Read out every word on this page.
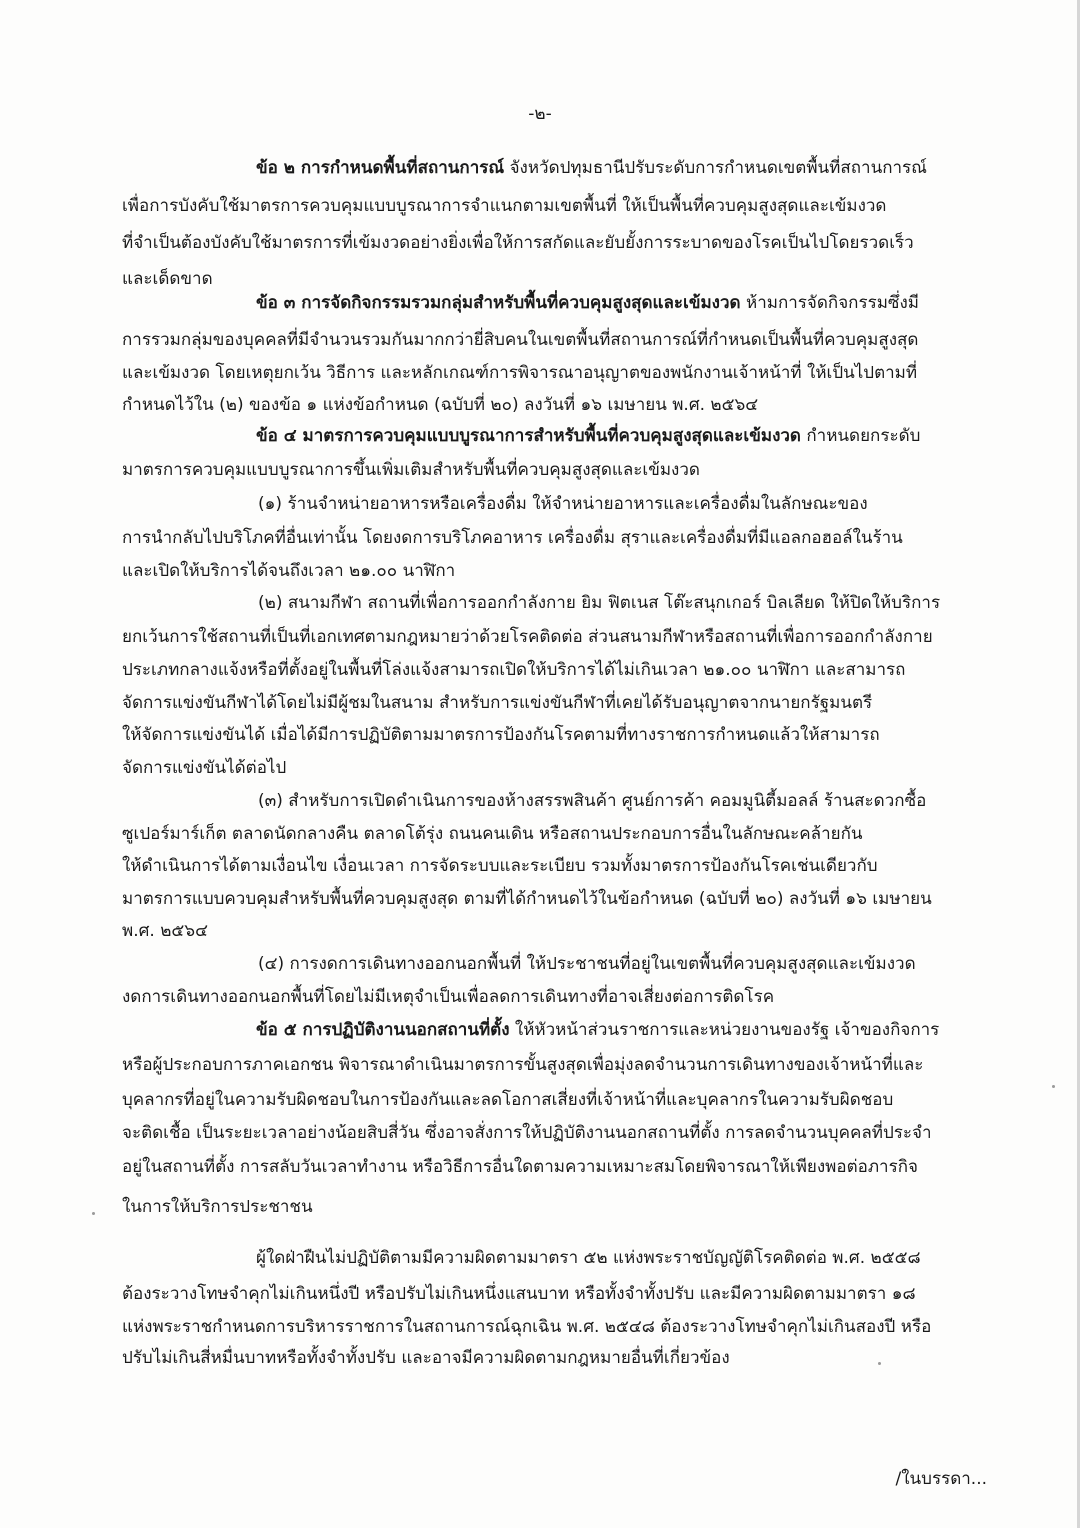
-๒-
ข้อ ๒ การกำหนดพื้นที่สถานการณ์ จังหวัดปทุมธานีปรับระดับการกำหนดเขตพื้นที่สถานการณ์
เพื่อการบังคับใช้มาตรการควบคุมแบบบูรณาการจำแนกตามเขตพื้นที่ ให้เป็นพื้นที่ควบคุมสูงสุดและเข้มงวด
ที่จำเป็นต้องบังคับใช้มาตรการที่เข้มงวดอย่างยิ่งเพื่อให้การสกัดและยับยั้งการระบาดของโรคเป็นไปโดยรวดเร็ว
และเด็ดขาด
ข้อ ๓ การจัดกิจกรรมรวมกลุ่มสำหรับพื้นที่ควบคุมสูงสุดและเข้มงวด ห้ามการจัดกิจกรรมซึ่งมี
การรวมกลุ่มของบุคคลที่มีจำนวนรวมกันมากกว่ายี่สิบคนในเขตพื้นที่สถานการณ์ที่กำหนดเป็นพื้นที่ควบคุมสูงสุด
และเข้มงวด โดยเหตุยกเว้น วิธีการ และหลักเกณฑ์การพิจารณาอนุญาตของพนักงานเจ้าหน้าที่ ให้เป็นไปตามที่
กำหนดไว้ใน (๒) ของข้อ ๑ แห่งข้อกำหนด (ฉบับที่ ๒๐) ลงวันที่ ๑๖ เมษายน พ.ศ. ๒๕๖๔
ข้อ ๔ มาตรการควบคุมแบบบูรณาการสำหรับพื้นที่ควบคุมสูงสุดและเข้มงวด กำหนดยกระดับ
มาตรการควบคุมแบบบูรณาการขึ้นเพิ่มเติมสำหรับพื้นที่ควบคุมสูงสุดและเข้มงวด
(๑) ร้านจำหน่ายอาหารหรือเครื่องดื่ม ให้จำหน่ายอาหารและเครื่องดื่มในลักษณะของ
การนำกลับไปบริโภคที่อื่นเท่านั้น โดยงดการบริโภคอาหาร เครื่องดื่ม สุราและเครื่องดื่มที่มีแอลกอฮอล์ในร้าน
และเปิดให้บริการได้จนถึงเวลา ๒๑.๐๐ นาฬิกา
(๒) สนามกีฬา สถานที่เพื่อการออกกำลังกาย ยิม ฟิตเนส โต๊ะสนุกเกอร์ บิลเลียด ให้ปิดให้บริการ
ยกเว้นการใช้สถานที่เป็นที่เอกเทศตามกฎหมายว่าด้วยโรคติดต่อ ส่วนสนามกีฬาหรือสถานที่เพื่อการออกกำลังกาย
ประเภทกลางแจ้งหรือที่ตั้งอยู่ในพื้นที่โล่งแจ้งสามารถเปิดให้บริการได้ไม่เกินเวลา ๒๑.๐๐ นาฬิกา และสามารถ
จัดการแข่งขันกีฬาได้โดยไม่มีผู้ชมในสนาม สำหรับการแข่งขันกีฬาที่เคยได้รับอนุญาตจากนายกรัฐมนตรี
ให้จัดการแข่งขันได้ เมื่อได้มีการปฏิบัติตามมาตรการป้องกันโรคตามที่ทางราชการกำหนดแล้วให้สามารถ
จัดการแข่งขันได้ต่อไป
(๓) สำหรับการเปิดดำเนินการของห้างสรรพสินค้า ศูนย์การค้า คอมมูนิตี้มอลล์ ร้านสะดวกซื้อ
ซูเปอร์มาร์เก็ต ตลาดนัดกลางคืน ตลาดโต้รุ่ง ถนนคนเดิน หรือสถานประกอบการอื่นในลักษณะคล้ายกัน
ให้ดำเนินการได้ตามเงื่อนไข เงื่อนเวลา การจัดระบบและระเบียบ รวมทั้งมาตรการป้องกันโรคเช่นเดียวกับ
มาตรการแบบควบคุมสำหรับพื้นที่ควบคุมสูงสุด ตามที่ได้กำหนดไว้ในข้อกำหนด (ฉบับที่ ๒๐) ลงวันที่ ๑๖ เมษายน
พ.ศ. ๒๕๖๔
(๔) การงดการเดินทางออกนอกพื้นที่ ให้ประชาชนที่อยู่ในเขตพื้นที่ควบคุมสูงสุดและเข้มงวด
งดการเดินทางออกนอกพื้นที่โดยไม่มีเหตุจำเป็นเพื่อลดการเดินทางที่อาจเสี่ยงต่อการติดโรค
ข้อ ๕ การปฏิบัติงานนอกสถานที่ตั้ง ให้หัวหน้าส่วนราชการและหน่วยงานของรัฐ เจ้าของกิจการ
หรือผู้ประกอบการภาคเอกชน พิจารณาดำเนินมาตรการขั้นสูงสุดเพื่อมุ่งลดจำนวนการเดินทางของเจ้าหน้าที่และ
บุคลากรที่อยู่ในความรับผิดชอบในการป้องกันและลดโอกาสเสี่ยงที่เจ้าหน้าที่และบุคลากรในความรับผิดชอบ
จะติดเชื้อ เป็นระยะเวลาอย่างน้อยสิบสี่วัน ซึ่งอาจสั่งการให้ปฏิบัติงานนอกสถานที่ตั้ง การลดจำนวนบุคคลที่ประจำ
อยู่ในสถานที่ตั้ง การสลับวันเวลาทำงาน หรือวิธีการอื่นใดตามความเหมาะสมโดยพิจารณาให้เพียงพอต่อภารกิจ
ในการให้บริการประชาชน
ผู้ใดฝ่าฝืนไม่ปฏิบัติตามมีความผิดตามมาตรา ๕๒ แห่งพระราชบัญญัติโรคติดต่อ พ.ศ. ๒๕๕๘
ต้องระวางโทษจำคุกไม่เกินหนึ่งปี หรือปรับไม่เกินหนึ่งแสนบาท หรือทั้งจำทั้งปรับ และมีความผิดตามมาตรา ๑๘
แห่งพระราชกำหนดการบริหารราชการในสถานการณ์ฉุกเฉิน พ.ศ. ๒๕๔๘ ต้องระวางโทษจำคุกไม่เกินสองปี หรือ
ปรับไม่เกินสี่หมื่นบาทหรือทั้งจำทั้งปรับ และอาจมีความผิดตามกฎหมายอื่นที่เกี่ยวข้อง
/ในบรรดา...
